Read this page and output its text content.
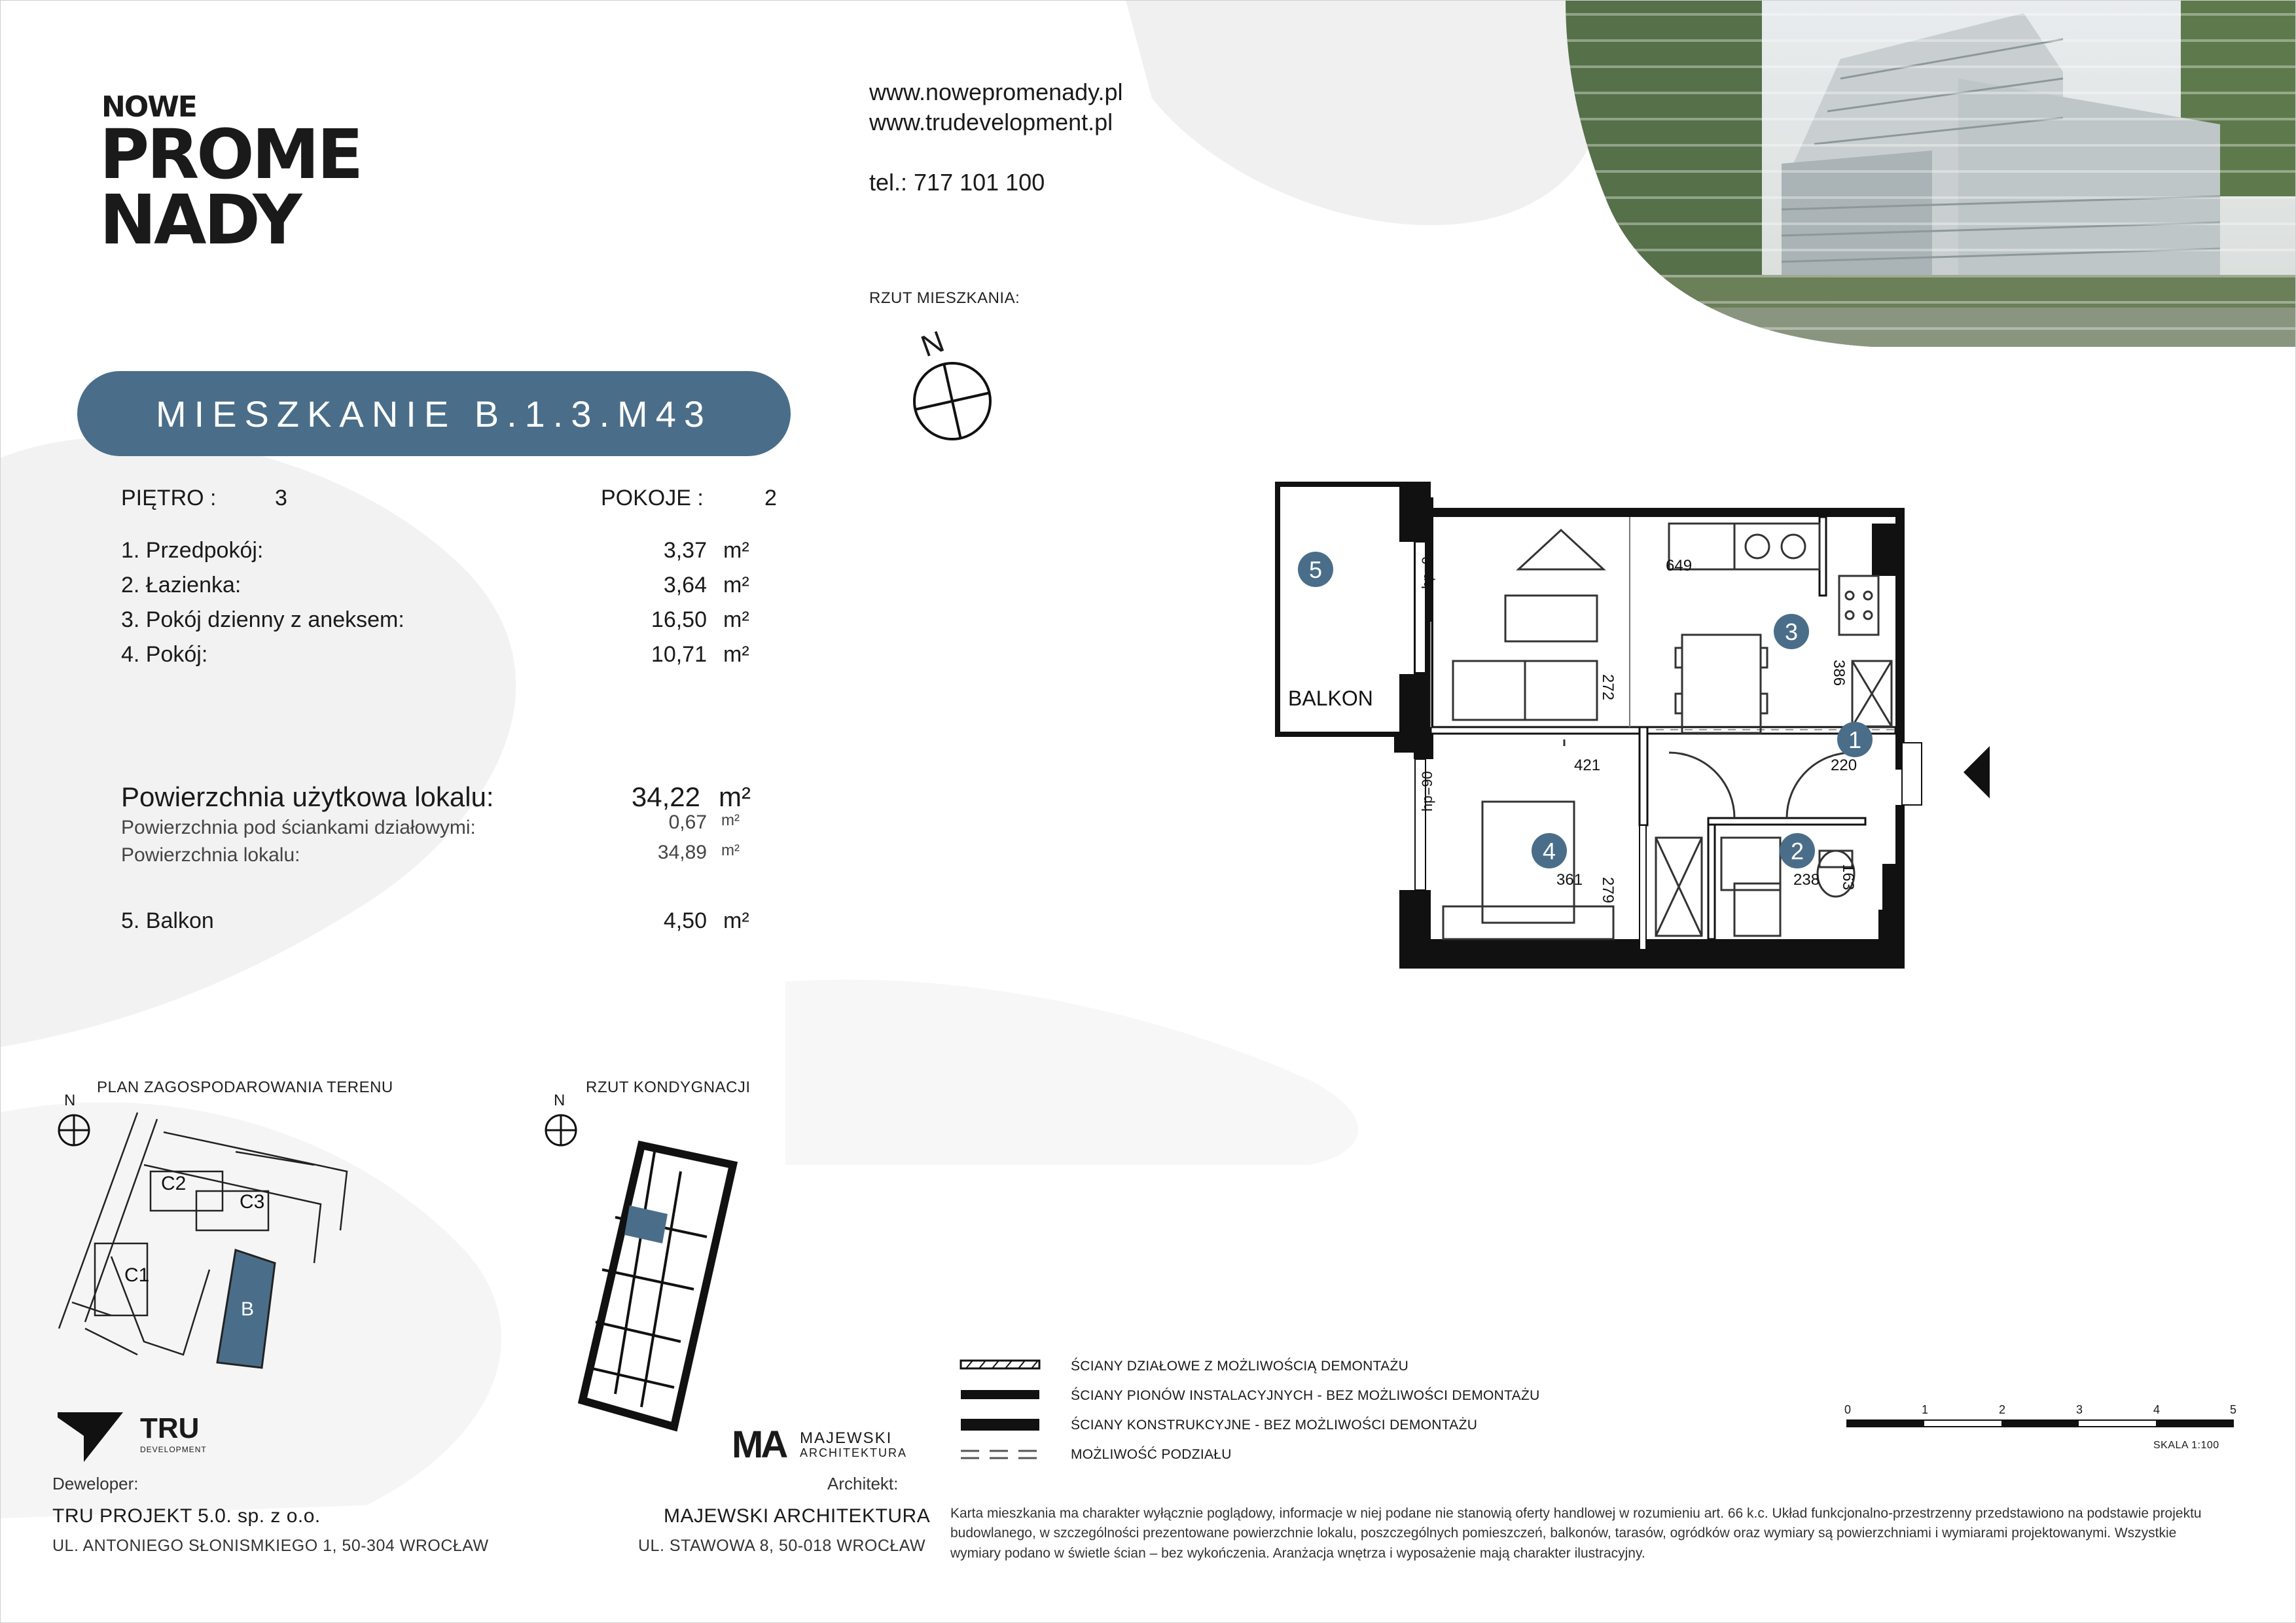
NOWE
PROME
NADY
www.nowepromenady.pl
www.trudevelopment.pl
tel.: 717 101 100
RZUT MIESZKANIA:
N
MIESZKANIE B.1.3.M43
PIĘTRO :	3	POKOJE :	2
1. Przedpokój:	3,37 m²
2. Łazienka:	3,64 m²
3. Pokój dzienny z aneksem:	16,50 m²
4. Pokój:	10,71 m²
Powierzchnia użytkowa lokalu:	34,22 m²
Powierzchnia pod ściankami działowymi:	0,67 m²
Powierzchnia lokalu:	34,89 m²
5. Balkon	4,50 m²
5
3
1
2
4
BALKON
649
272
386
421	220
279
361	238 163
hp=0
hp=90
PLAN ZAGOSPODAROWANIA TERENU
N
C2
C3
C1
B
RZUT KONDYGNACJI
N
TRU
DEVELOPMENT
Deweloper:
TRU PROJEKT 5.0. sp. z o.o.
UL. ANTONIEGO SŁONISMKIEGO 1, 50-304 WROCŁAW
MA MAJEWSKI
ARCHITEKTURA
Architekt:
MAJEWSKI ARCHITEKTURA
UL. STAWOWA 8, 50-018 WROCŁAW
ŚCIANY DZIAŁOWE Z MOŻLIWOŚCIĄ DEMONTAŻU
ŚCIANY PIONÓW INSTALACYJNYCH - BEZ MOŻLIWOŚCI DEMONTAŻU
ŚCIANY KONSTRUKCYJNE - BEZ MOŻLIWOŚCI DEMONTAŻU
MOŻLIWOŚĆ PODZIAŁU
0	1	2	3	4	5
SKALA 1:100
Karta mieszkania ma charakter wyłącznie poglądowy, informacje w niej podane nie stanowią oferty handlowej w rozumieniu art. 66 k.c. Układ funkcjonalno-przestrzenny przedstawiono na podstawie projektu budowlanego, w szczególności prezentowane powierzchnie lokalu, poszczególnych pomieszczeń, balkonów, tarasów, ogródków oraz wymiary są powierzchniami i wymiarami projektowanymi. Wszystkie wymiary podano w świetle ścian – bez wykończenia. Aranżacja wnętrza i wyposażenie mają charakter ilustracyjny.
